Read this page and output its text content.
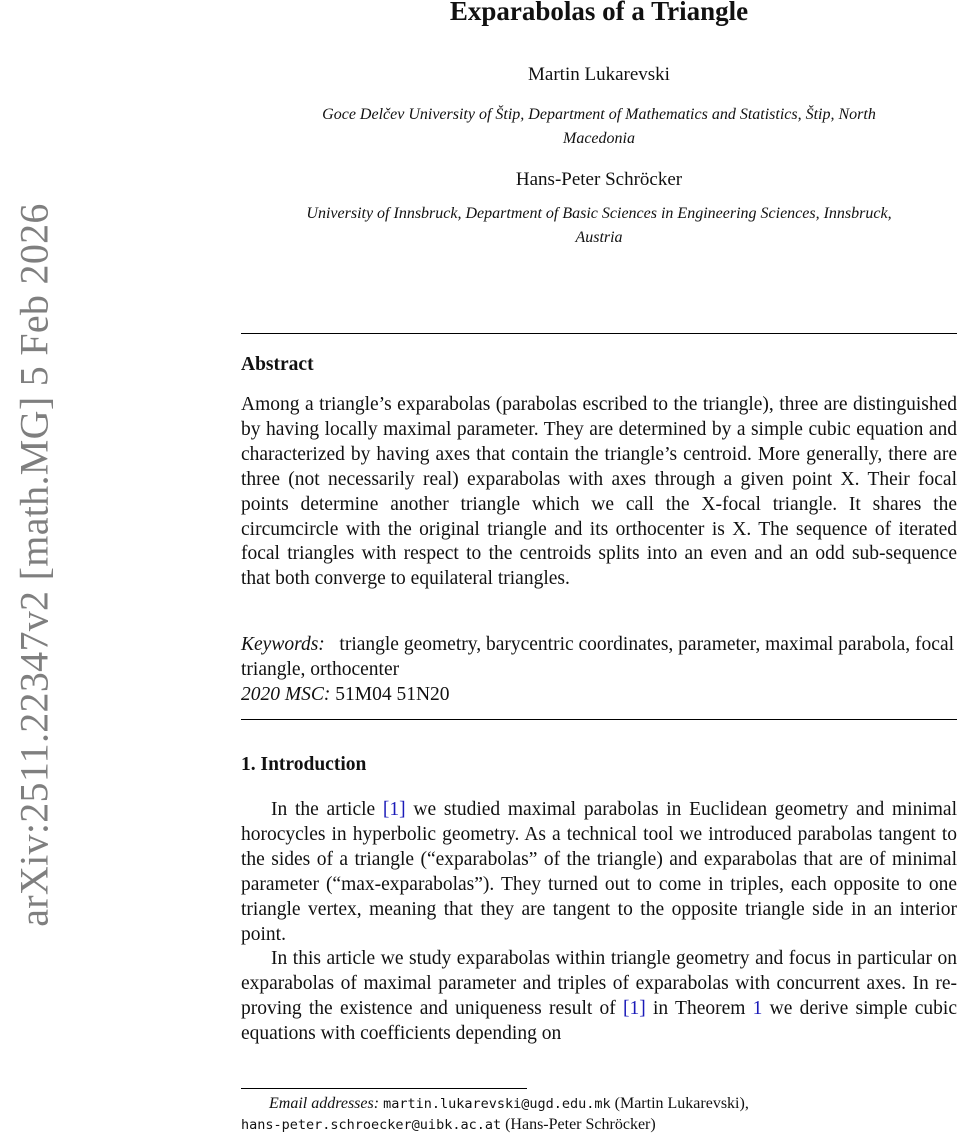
arXiv:2511.22347v2 [math.MG] 5 Feb 2026
Exparabolas of a Triangle
Martin Lukarevski
Goce Delčev University of Štip, Department of Mathematics and Statistics, Štip, North
Macedonia
Hans-Peter Schröcker
University of Innsbruck, Department of Basic Sciences in Engineering Sciences, Innsbruck,
Austria
Abstract
Among a triangle’s exparabolas (parabolas escribed to the triangle), three are distinguished by having locally maximal parameter. They are determined by a simple cubic equation and characterized by having axes that contain the triangle’s centroid. More generally, there are three (not necessarily real) exparabolas with axes through a given point X. Their focal points determine another triangle which we call the X-focal triangle. It shares the circumcircle with the original triangle and its orthocenter is X. The sequence of iterated focal triangles with respect to the centroids splits into an even and an odd sub-sequence that both converge to equilateral triangles.
Keywords: triangle geometry, barycentric coordinates, parameter, maximal parabola, focal triangle, orthocenter
2020 MSC: 51M04 51N20
1. Introduction

In the article [1] we studied maximal parabolas in Euclidean geometry and minimal horocycles in hyperbolic geometry. As a technical tool we introduced parabolas tangent to the sides of a triangle (“exparabolas” of the triangle) and exparabolas that are of minimal parameter (“max-exparabolas”). They turned out to come in triples, each opposite to one triangle vertex, meaning that they are tangent to the opposite triangle side in an interior point.

In this article we study exparabolas within triangle geometry and focus in particular on exparabolas of maximal parameter and triples of exparabolas with concurrent axes. In re-proving the existence and uniqueness result of [1] in Theorem 1 we derive simple cubic equations with coefficients depending on

Email addresses: martin.lukarevski@ugd.edu.mk (Martin Lukarevski),
hans-peter.schroecker@uibk.ac.at (Hans-Peter Schröcker)
